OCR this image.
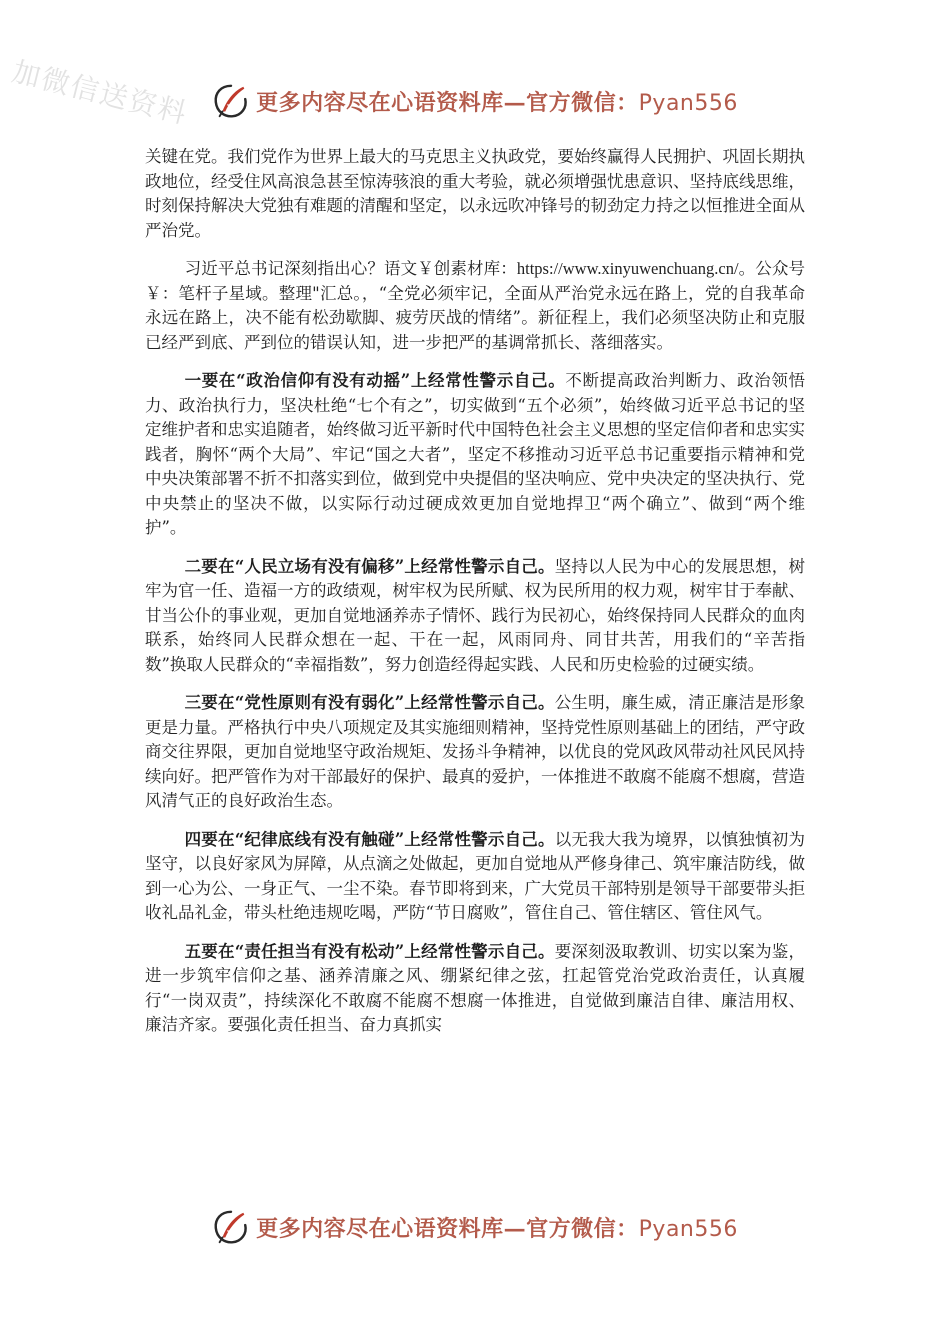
加微信送资料	更多内容尽在心语资料库—官方微信：Pyan556

关键在党。我们党作为世界上最大的马克思主义执政党，要始终赢得人民拥护、巩固长期执政地位，经受住风高浪急甚至惊涛骇浪的重大考验，就必须增强忧患意识、坚持底线思维，时刻保持解决大党独有难题的清醒和坚定，以永远吹冲锋号的韧劲定力持之以恒推进全面从严治党。

习近平总书记深刻指出心？语文￥创素材库：https://www.xinyuwenchuang.cn/。公众号￥：笔杆子星域。整理"汇总。，“全党必须牢记，全面从严治党永远在路上，党的自我革命永远在路上，决不能有松劲歇脚、疲劳厌战的情绪”。新征程上，我们必须坚决防止和克服已经严到底、严到位的错误认知，进一步把严的基调常抓长、落细落实。

一要在“政治信仰有没有动摇”上经常性警示自己。不断提高政治判断力、政治领悟力、政治执行力，坚决杜绝“七个有之”，切实做到“五个必须”，始终做习近平总书记的坚定维护者和忠实追随者，始终做习近平新时代中国特色社会主义思想的坚定信仰者和忠实实践者，胸怀“两个大局”、牢记“国之大者”，坚定不移推动习近平总书记重要指示精神和党中央决策部署不折不扣落实到位，做到党中央提倡的坚决响应、党中央决定的坚决执行、党中央禁止的坚决不做，以实际行动过硬成效更加自觉地捍卫“两个确立”、做到“两个维护”。

二要在“人民立场有没有偏移”上经常性警示自己。坚持以人民为中心的发展思想，树牢为官一任、造福一方的政绩观，树牢权为民所赋、权为民所用的权力观，树牢甘于奉献、甘当公仆的事业观，更加自觉地涵养赤子情怀、践行为民初心，始终保持同人民群众的血肉联系，始终同人民群众想在一起、干在一起，风雨同舟、同甘共苦，用我们的“辛苦指数”换取人民群众的“幸福指数”，努力创造经得起实践、人民和历史检验的过硬实绩。

三要在“党性原则有没有弱化”上经常性警示自己。公生明，廉生威，清正廉洁是形象更是力量。严格执行中央八项规定及其实施细则精神，坚持党性原则基础上的团结，严守政商交往界限，更加自觉地坚守政治规矩、发扬斗争精神，以优良的党风政风带动社风民风持续向好。把严管作为对干部最好的保护、最真的爱护，一体推进不敢腐不能腐不想腐，营造风清气正的良好政治生态。

四要在“纪律底线有没有触碰”上经常性警示自己。以无我大我为境界，以慎独慎初为坚守，以良好家风为屏障，从点滴之处做起，更加自觉地从严修身律己、筑牢廉洁防线，做到一心为公、一身正气、一尘不染。春节即将到来，广大党员干部特别是领导干部要带头拒收礼品礼金，带头杜绝违规吃喝，严防“节日腐败”，管住自己、管住辖区、管住风气。

五要在“责任担当有没有松动”上经常性警示自己。要深刻汲取教训、切实以案为鉴，进一步筑牢信仰之基、涵养清廉之风、绷紧纪律之弦，扛起管党治党政治责任，认真履行“一岗双责”，持续深化不敢腐不能腐不想腐一体推进，自觉做到廉洁自律、廉洁用权、廉洁齐家。要强化责任担当、奋力真抓实

更多内容尽在心语资料库—官方微信：Pyan556
